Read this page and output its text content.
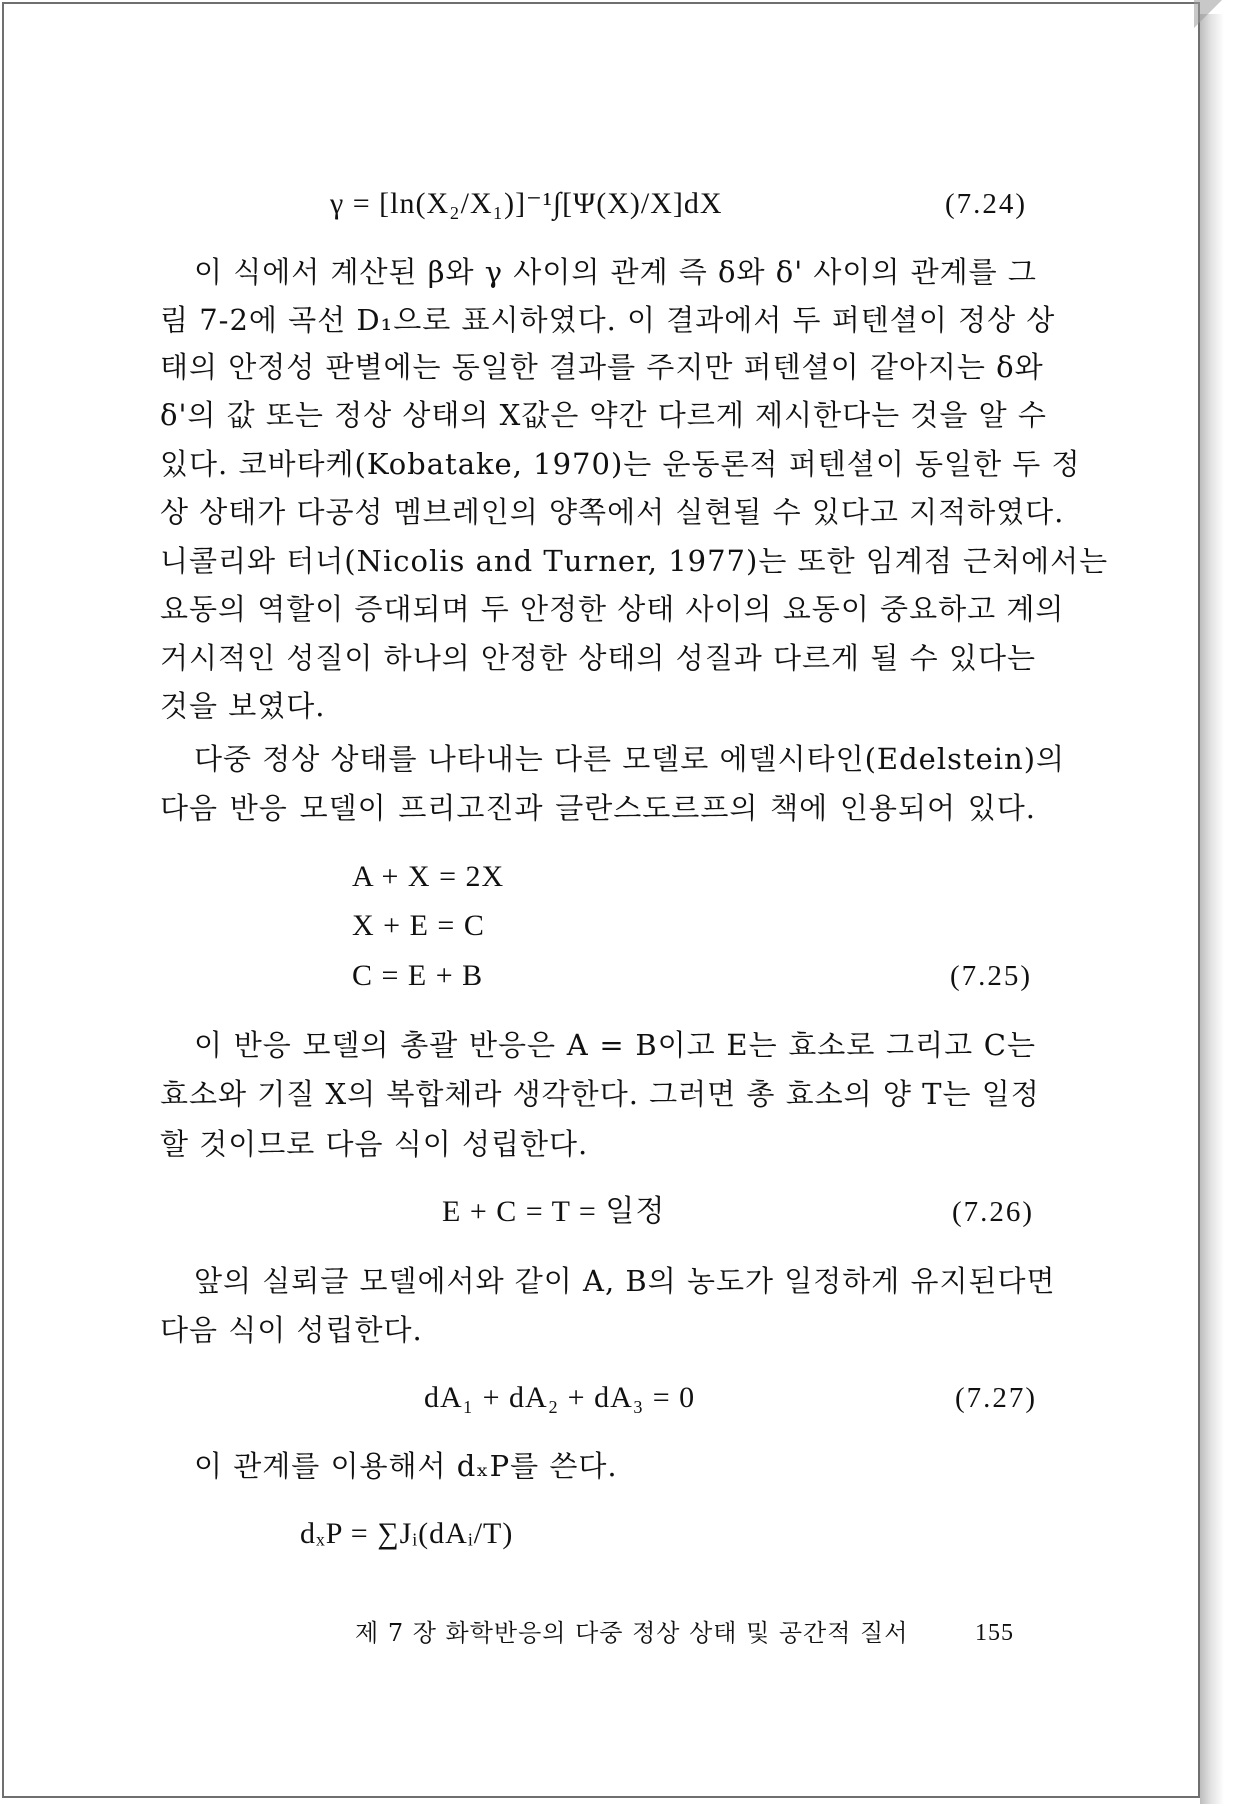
γ = [ln(X₂/X₁)]⁻¹∫[Ψ(X)/X]dX	(7.24)
이 식에서 계산된 β와 γ 사이의 관계 즉 δ와 δ' 사이의 관계를 그
림 7-2에 곡선 D₁으로 표시하였다. 이 결과에서 두 퍼텐셜이 정상 상
태의 안정성 판별에는 동일한 결과를 주지만 퍼텐셜이 같아지는 δ와
δ'의 값 또는 정상 상태의 X값은 약간 다르게 제시한다는 것을 알 수
있다. 코바타케(Kobatake, 1970)는 운동론적 퍼텐셜이 동일한 두 정
상 상태가 다공성 멤브레인의 양쪽에서 실현될 수 있다고 지적하였다.
니콜리와 터너(Nicolis and Turner, 1977)는 또한 임계점 근처에서는
요동의 역할이 증대되며 두 안정한 상태 사이의 요동이 중요하고 계의
거시적인 성질이 하나의 안정한 상태의 성질과 다르게 될 수 있다는
것을 보였다.
다중 정상 상태를 나타내는 다른 모델로 에델시타인(Edelstein)의
다음 반응 모델이 프리고진과 글란스도르프의 책에 인용되어 있다.
A + X = 2X
X + E = C
C = E + B	(7.25)
이 반응 모델의 총괄 반응은 A = B이고 E는 효소로 그리고 C는
효소와 기질 X의 복합체라 생각한다. 그러면 총 효소의 양 T는 일정
할 것이므로 다음 식이 성립한다.
E + C = T = 일정	(7.26)
앞의 실뢰글 모델에서와 같이 A, B의 농도가 일정하게 유지된다면
다음 식이 성립한다.
dA₁ + dA₂ + dA₃ = 0	(7.27)
이 관계를 이용해서 dₓP를 쓴다.
dₓP = ∑Jᵢ(dAᵢ/T)
제 7 장 화학반응의 다중 정상 상태 및 공간적 질서	155
